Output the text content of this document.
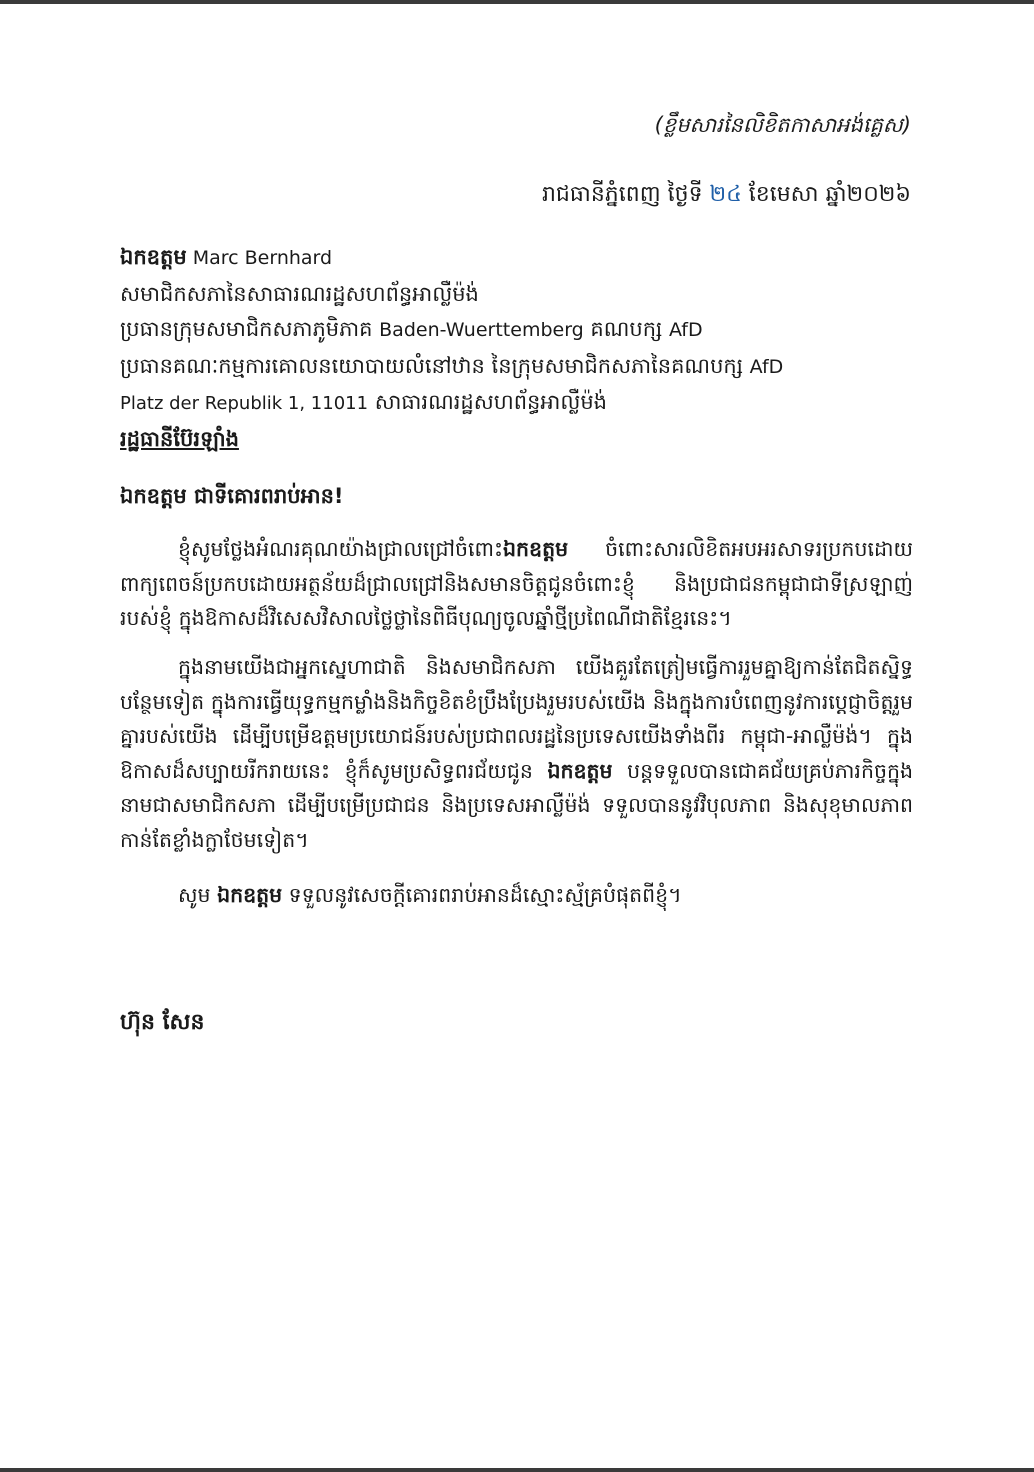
(ខ្លឹមសារនៃលិខិតកាសាអង់គ្លេស)
រាជធានីភ្នំពេញ ថ្ងៃទី ២៤ ខែមេសា ឆ្នាំ២០២៦
ឯកឧត្តម Marc Bernhard
សមាជិកសភានៃសាធារណរដ្ឋសហព័ន្ធអាល្លឺម៉ង់
ប្រធានក្រុមសមាជិកសភាភូមិភាគ Baden-Wuerttemberg គណបក្ស AfD
ប្រធានគណៈកម្មការគោលនយោបាយលំនៅឋាន នៃក្រុមសមាជិកសភានៃគណបក្ស AfD
Platz der Republik 1, 11011 សាធារណរដ្ឋសហព័ន្ធអាល្លឺម៉ង់
រដ្ឋធានីប៊ែរឡាំង
ឯកឧត្តម ជាទីគោរពរាប់អាន!
ខ្ញុំសូមថ្លែងអំណរគុណយ៉ាងជ្រាលជ្រៅចំពោះឯកឧត្តម ចំពោះសារលិខិតអបអរសាទរប្រកបដោយពាក្យពេចន៍ប្រកបដោយអត្ថន័យដ៏ជ្រាលជ្រៅនិងសមានចិត្តជូនចំពោះខ្ញុំ និងប្រជាជនកម្ពុជាជាទីស្រឡាញ់របស់ខ្ញុំ ក្នុងឱកាសដ៏វិសេសវិសាលថ្លៃថ្លានៃពិធីបុណ្យចូលឆ្នាំថ្មីប្រពៃណីជាតិខ្មែរនេះ។
ក្នុងនាមយើងជាអ្នកស្នេហាជាតិ និងសមាជិកសភា យើងគួរតែត្រៀមធ្វើការរួមគ្នាឱ្យកាន់តែជិតស្និទ្ធបន្ថែមទៀត ក្នុងការធ្វើយុទ្ធកម្មកម្លាំងនិងកិច្ចខិតខំប្រឹងប្រែងរួមរបស់យើង និងក្នុងការបំពេញនូវការប្តេជ្ញាចិត្តរួមគ្នារបស់យើង ដើម្បីបម្រើឧត្តមប្រយោជន៍របស់ប្រជាពលរដ្ឋនៃប្រទេសយើងទាំងពីរ កម្ពុជា-អាល្លឺម៉ង់។ ក្នុងឱកាសដ៏សប្បាយរីករាយនេះ ខ្ញុំក៏សូមប្រសិទ្ធពរជ័យជូន ឯកឧត្តម បន្តទទួលបានជោគជ័យគ្រប់ភារកិច្ចក្នុងនាមជាសមាជិកសភា ដើម្បីបម្រើប្រជាជន និងប្រទេសអាល្លឺម៉ង់ ទទួលបាននូវវិបុលភាព និងសុខុមាលភាពកាន់តែខ្លាំងក្លាថែមទៀត។
សូម ឯកឧត្តម ទទួលនូវសេចក្តីគោរពរាប់អានដ៏ស្មោះស្ម័គ្របំផុតពីខ្ញុំ។
ហ៊ុន សែន
